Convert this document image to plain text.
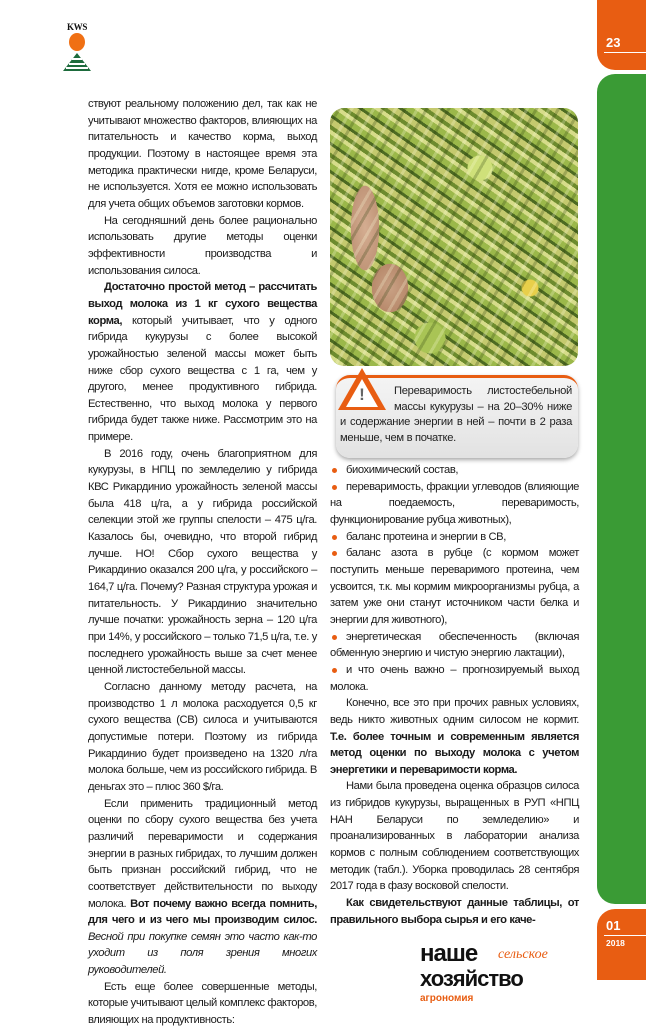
23
01
2018
KWS

ствуют реальному положению дел, так как не учитывают множество факторов, влияющих на питательность и качество корма, выход продукции. Поэтому в настоящее время эта методика практически нигде, кроме Беларуси, не используется. Хотя ее можно использовать для учета общих объемов заготовки кормов.

На сегодняшний день более рационально использовать другие методы оценки эффективности производства и использования силоса.

Достаточно простой метод – рассчитать выход молока из 1 кг сухого вещества корма, который учитывает, что у одного гибрида кукурузы с более высокой урожайностью зеленой массы может быть ниже сбор сухого вещества с 1 га, чем у другого, менее продуктивного гибрида. Естественно, что выход молока у первого гибрида будет также ниже. Рассмотрим это на примере.

В 2016 году, очень благоприятном для кукурузы, в НПЦ по земледелию у гибрида КВС Рикардинио урожайность зеленой массы была 418 ц/га, а у гибрида российской селекции этой же группы спелости – 475 ц/га. Казалось бы, очевидно, что второй гибрид лучше. НО! Сбор сухого вещества у Рикардинио оказался 200 ц/га, у российского – 164,7 ц/га. Почему? Разная структура урожая и питательность. У Рикардинио значительно лучше початки: урожайность зерна – 120 ц/га при 14%, у российского – только 71,5 ц/га, т.е. у последнего урожайность выше за счет менее ценной листостебельной массы.

Согласно данному методу расчета, на производство 1 л молока расходуется 0,5 кг сухого вещества (СВ) силоса и учитываются допустимые потери. Поэтому из гибрида Рикардинио будет произведено на 1320 л/га молока больше, чем из российского гибрида. В деньгах это – плюс 360 $/га.

Если применить традиционный метод оценки по сбору сухого вещества без учета различий переваримости и содержания энергии в разных гибридах, то лучшим должен быть признан российский гибрид, что не соответствует действительности по выходу молока. Вот почему важно всегда помнить, для чего и из чего мы производим силос. Весной при покупке семян это часто как-то уходит из поля зрения многих руководителей.

Есть еще более совершенные методы, которые учитывают целый комплекс факторов, влияющих на продуктивность:

!	Переваримость листостебельной массы кукурузы – на 20–30% ниже и содержание энергии в ней – почти в 2 раза меньше, чем в початке.
биохимический состав,
переваримость, фракции углеводов (влияющие на поедаемость, переваримость, функционирование рубца животных),
баланс протеина и энергии в СВ,
баланс азота в рубце (с кормом может поступить меньше переваримого протеина, чем усвоится, т.к. мы кормим микроорганизмы рубца, а затем уже они станут источником части белка и энергии для животного),
энергетическая обеспеченность (включая обменную энергию и чистую энергию лактации),
и что очень важно – прогнозируемый выход молока.

Конечно, все это при прочих равных условиях, ведь никто животных одним силосом не кормит. Т.е. более точным и современным является метод оценки по выходу молока с учетом энергетики и переваримости корма.

Нами была проведена оценка образцов силоса из гибридов кукурузы, выращенных в РУП «НПЦ НАН Беларуси по земледелию» и проанализированных в лаборатории анализа кормов с полным соблюдением соответствующих методик (табл.). Уборка проводилась 28 сентября 2017 года в фазу восковой спелости.

Как свидетельствуют данные таблицы, от правильного выбора сырья и его каче-

наше сельское
хозяйство
агрономия
